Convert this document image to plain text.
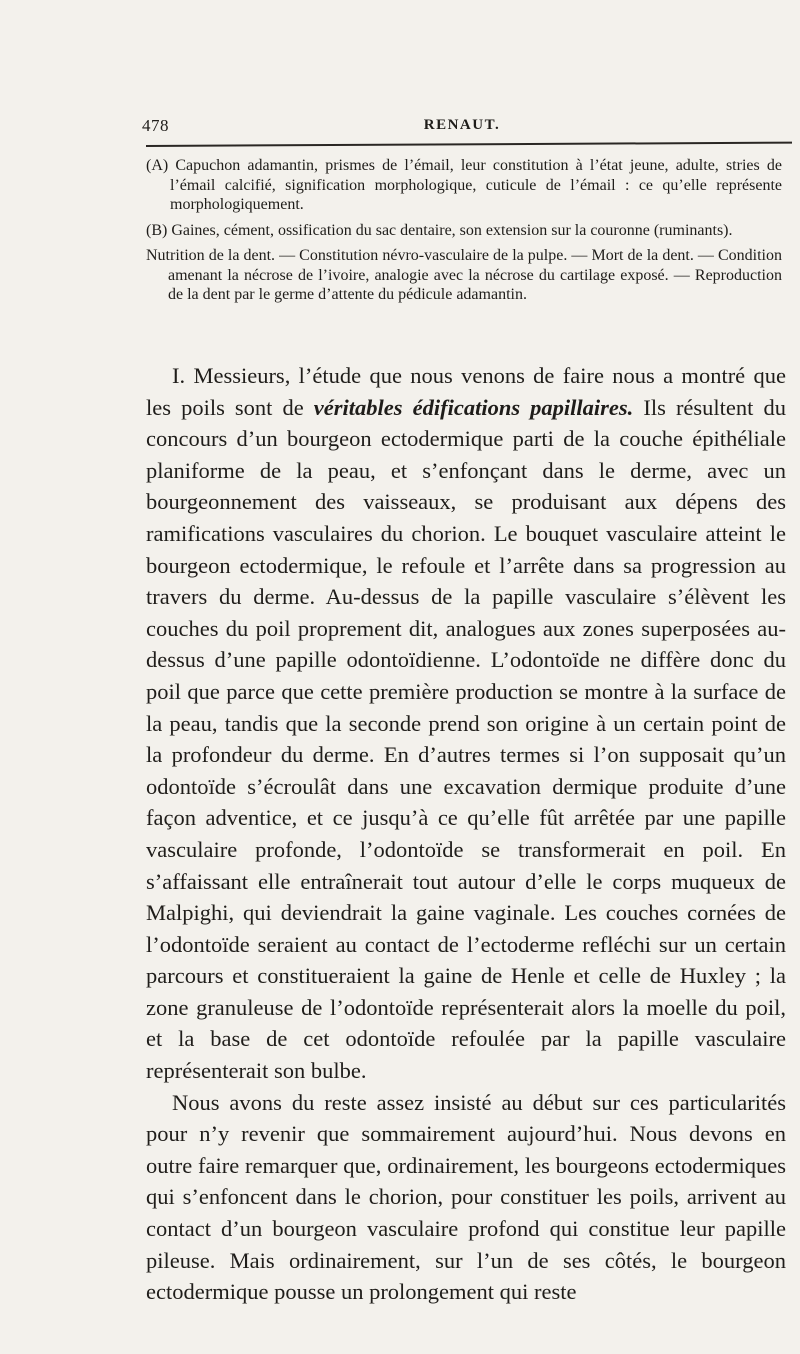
478	RENAUT.

(A) Capuchon adamantin, prismes de l’émail, leur constitution à l’état jeune, adulte, stries de l’émail calcifié, signification morphologique, cuticule de l’émail : ce qu’elle représente morphologiquement.

(B) Gaines, cément, ossification du sac dentaire, son extension sur la couronne (ruminants).

Nutrition de la dent. — Constitution névro-vasculaire de la pulpe. — Mort de la dent. — Condition amenant la nécrose de l’ivoire, analogie avec la nécrose du cartilage exposé. — Reproduction de la dent par le germe d’attente du pédicule adamantin.

I. Messieurs, l’étude que nous venons de faire nous a montré que les poils sont de véritables édifications papillaires. Ils résultent du concours d’un bourgeon ectodermique parti de la couche épithéliale planiforme de la peau, et s’enfonçant dans le derme, avec un bourgeonnement des vaisseaux, se produisant aux dépens des ramifications vasculaires du chorion. Le bouquet vasculaire atteint le bourgeon ectodermique, le refoule et l’arrête dans sa progression au travers du derme. Au-dessus de la papille vasculaire s’élèvent les couches du poil proprement dit, analogues aux zones superposées au-dessus d’une papille odontoïdienne. L’odontoïde ne diffère donc du poil que parce que cette première production se montre à la surface de la peau, tandis que la seconde prend son origine à un certain point de la profondeur du derme. En d’autres termes si l’on supposait qu’un odontoïde s’écroulât dans une excavation dermique produite d’une façon adventice, et ce jusqu’à ce qu’elle fût arrêtée par une papille vasculaire profonde, l’odontoïde se transformerait en poil. En s’affaissant elle entraînerait tout autour d’elle le corps muqueux de Malpighi, qui deviendrait la gaine vaginale. Les couches cornées de l’odontoïde seraient au contact de l’ectoderme refléchi sur un certain parcours et constitueraient la gaine de Henle et celle de Huxley ; la zone granuleuse de l’odontoïde représenterait alors la moelle du poil, et la base de cet odontoïde refoulée par la papille vasculaire représenterait son bulbe.

Nous avons du reste assez insisté au début sur ces particularités pour n’y revenir que sommairement aujourd’hui. Nous devons en outre faire remarquer que, ordinairement, les bourgeons ectodermiques qui s’enfoncent dans le chorion, pour constituer les poils, arrivent au contact d’un bourgeon vasculaire profond qui constitue leur papille pileuse. Mais ordinairement, sur l’un de ses côtés, le bourgeon ectodermique pousse un prolongement qui reste
